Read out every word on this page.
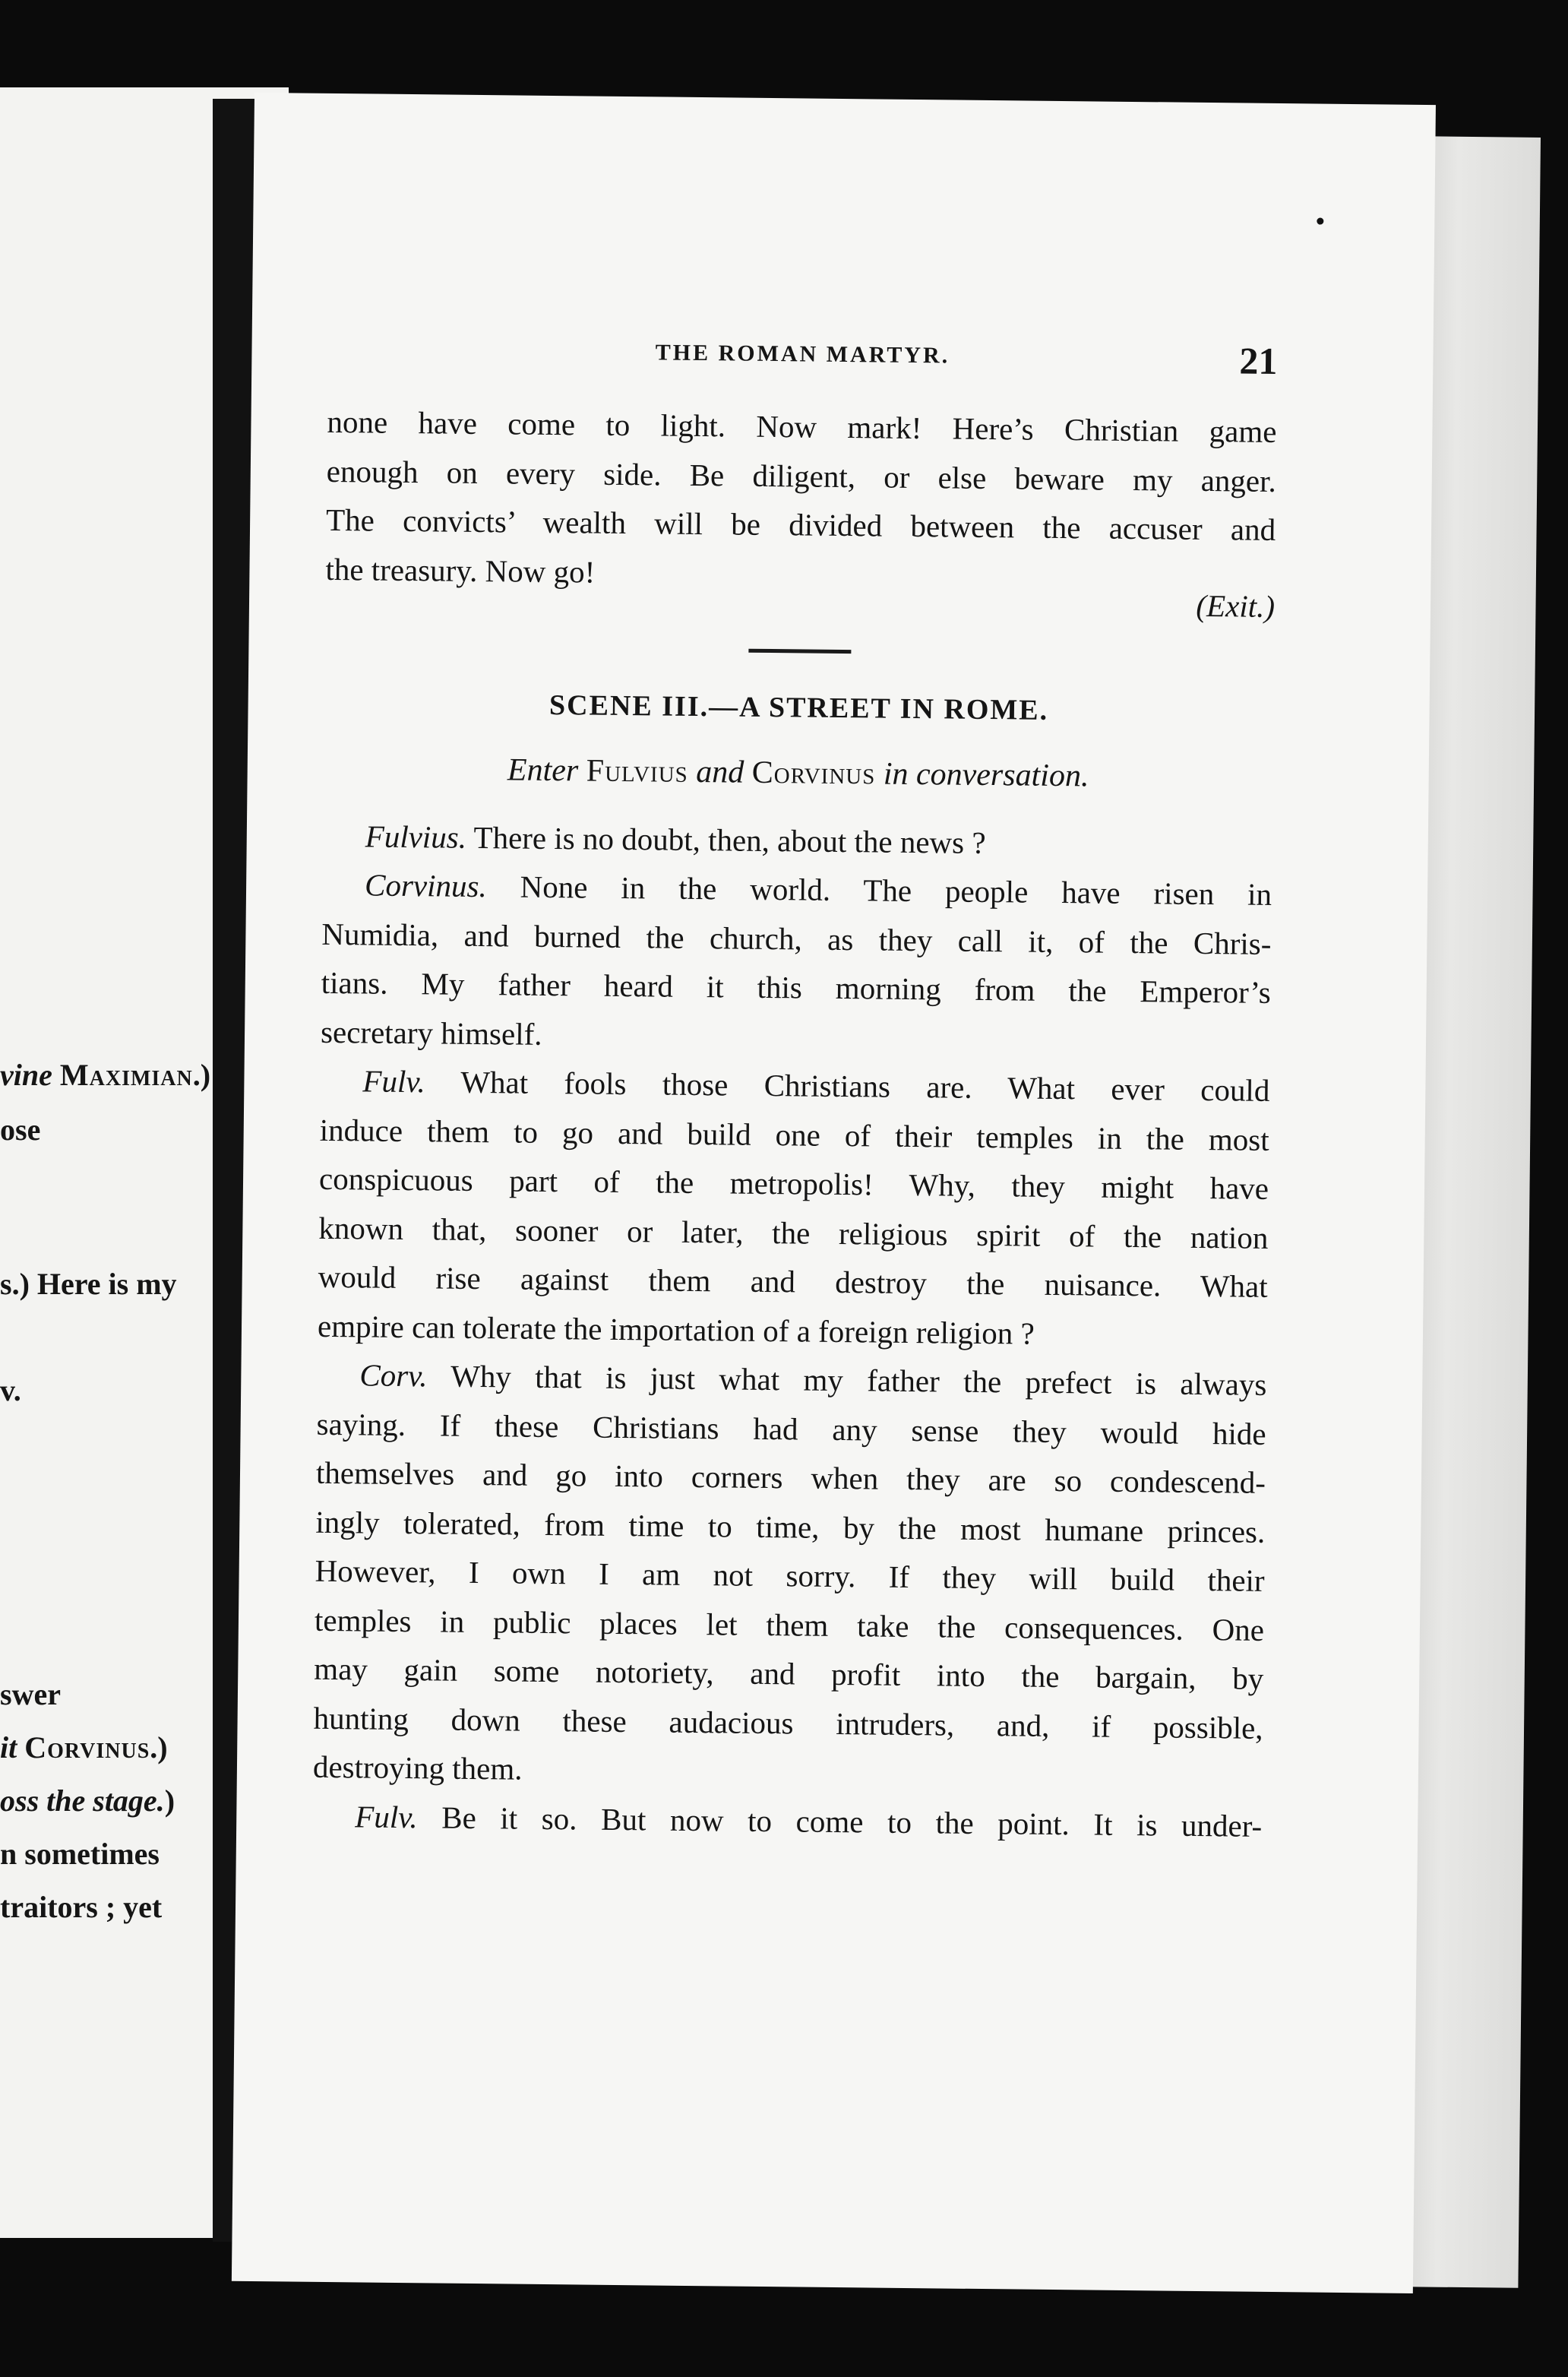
vine Maximian.)
ose
s.) Here is my
v.
swer
it Corvinus.)
oss the stage.)
n sometimes
traitors ; yet
THE ROMAN MARTYR.	21

none have come to light. Now mark! Here’s Christian game
enough on every side. Be diligent, or else beware my anger.
The convicts’ wealth will be divided between the accuser and
the treasury. Now go!
(Exit.)

SCENE III.—A STREET IN ROME.
Enter Fulvius and Corvinus in conversation.

Fulvius. There is no doubt, then, about the news ?

Corvinus. None in the world. The people have risen in
Numidia, and burned the church, as they call it, of the Chris-
tians. My father heard it this morning from the Emperor’s
secretary himself.

Fulv. What fools those Christians are. What ever could
induce them to go and build one of their temples in the most
conspicuous part of the metropolis! Why, they might have
known that, sooner or later, the religious spirit of the nation
would rise against them and destroy the nuisance. What
empire can tolerate the importation of a foreign religion ?

Corv. Why that is just what my father the prefect is always
saying. If these Christians had any sense they would hide
themselves and go into corners when they are so condescend-
ingly tolerated, from time to time, by the most humane princes.
However, I own I am not sorry. If they will build their
temples in public places let them take the consequences. One
may gain some notoriety, and profit into the bargain, by
hunting down these audacious intruders, and, if possible,
destroying them.

Fulv. Be it so. But now to come to the point. It is under-
